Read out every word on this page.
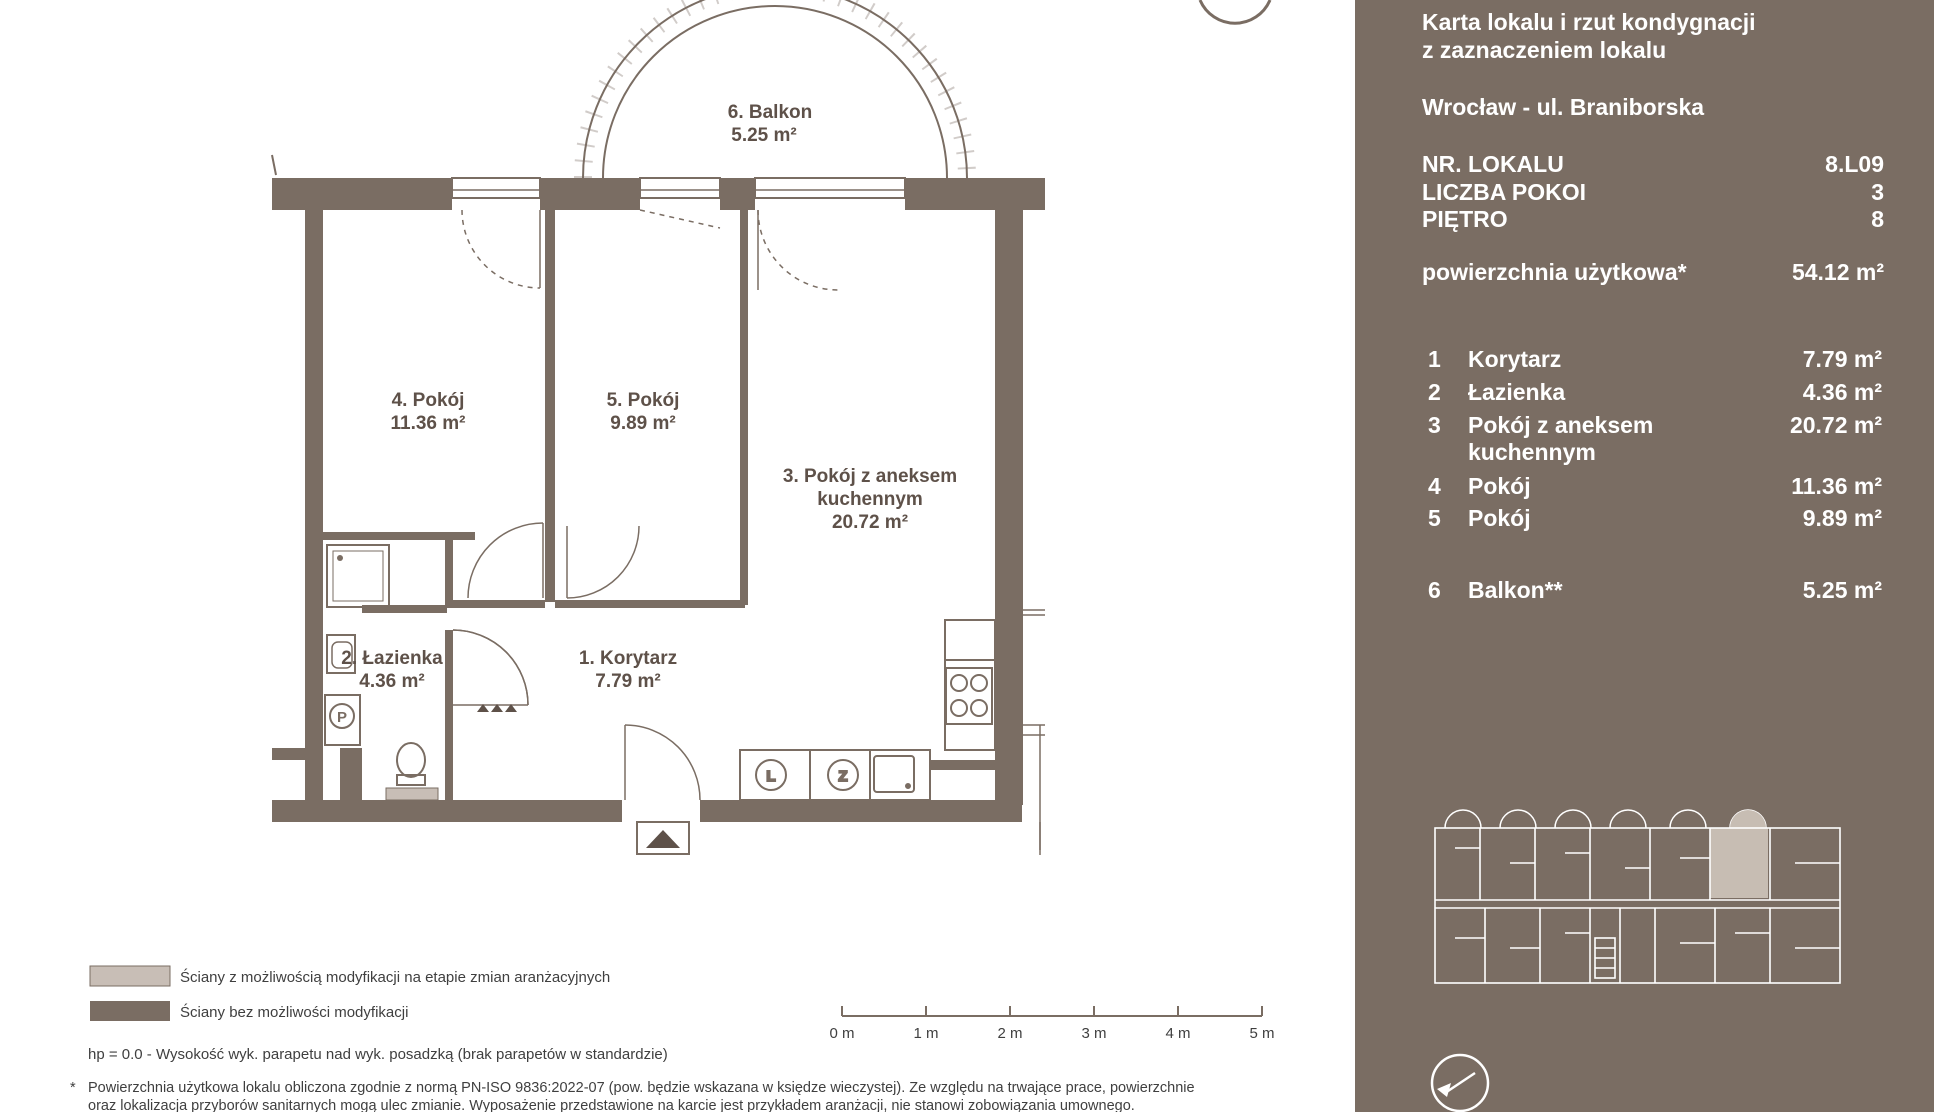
P
L	Z
6. Balkon
5.25 m²
4. Pokój
11.36 m²
5. Pokój
9.89 m²
3. Pokój z aneksem
kuchennym
20.72 m²
2. Łazienka
4.36 m²
1. Korytarz
7.79 m²
Ściany z możliwością modyfikacji na etapie zmian aranżacyjnych
Ściany bez możliwości modyfikacji
0 m	1 m	2 m	3 m	4 m	5 m
hp = 0.0 - Wysokość wyk. parapetu nad wyk. posadzką (brak parapetów w standardzie)
* Powierzchnia użytkowa lokalu obliczona zgodnie z normą PN-ISO 9836:2022-07 (pow. będzie wskazana w księdze wieczystej). Ze względu na trwające prace, powierzchnie
oraz lokalizacja przyborów sanitarnych mogą ulec zmianie. Wyposażenie przedstawione na karcie jest przykładem aranżacji, nie stanowi zobowiązania umownego.
Karta lokalu i rzut kondygnacji
z zaznaczeniem lokalu
Wrocław - ul. Braniborska
NR. LOKALU	8.L09
LICZBA POKOI	3
PIĘTRO	8
powierzchnia użytkowa*	54.12 m²
1 Korytarz	7.79 m²
2 Łazienka	4.36 m²
3 Pokój z aneksem
kuchennym
20.72 m²
4 Pokój	11.36 m²
5 Pokój	9.89 m²
6 Balkon**	5.25 m²
